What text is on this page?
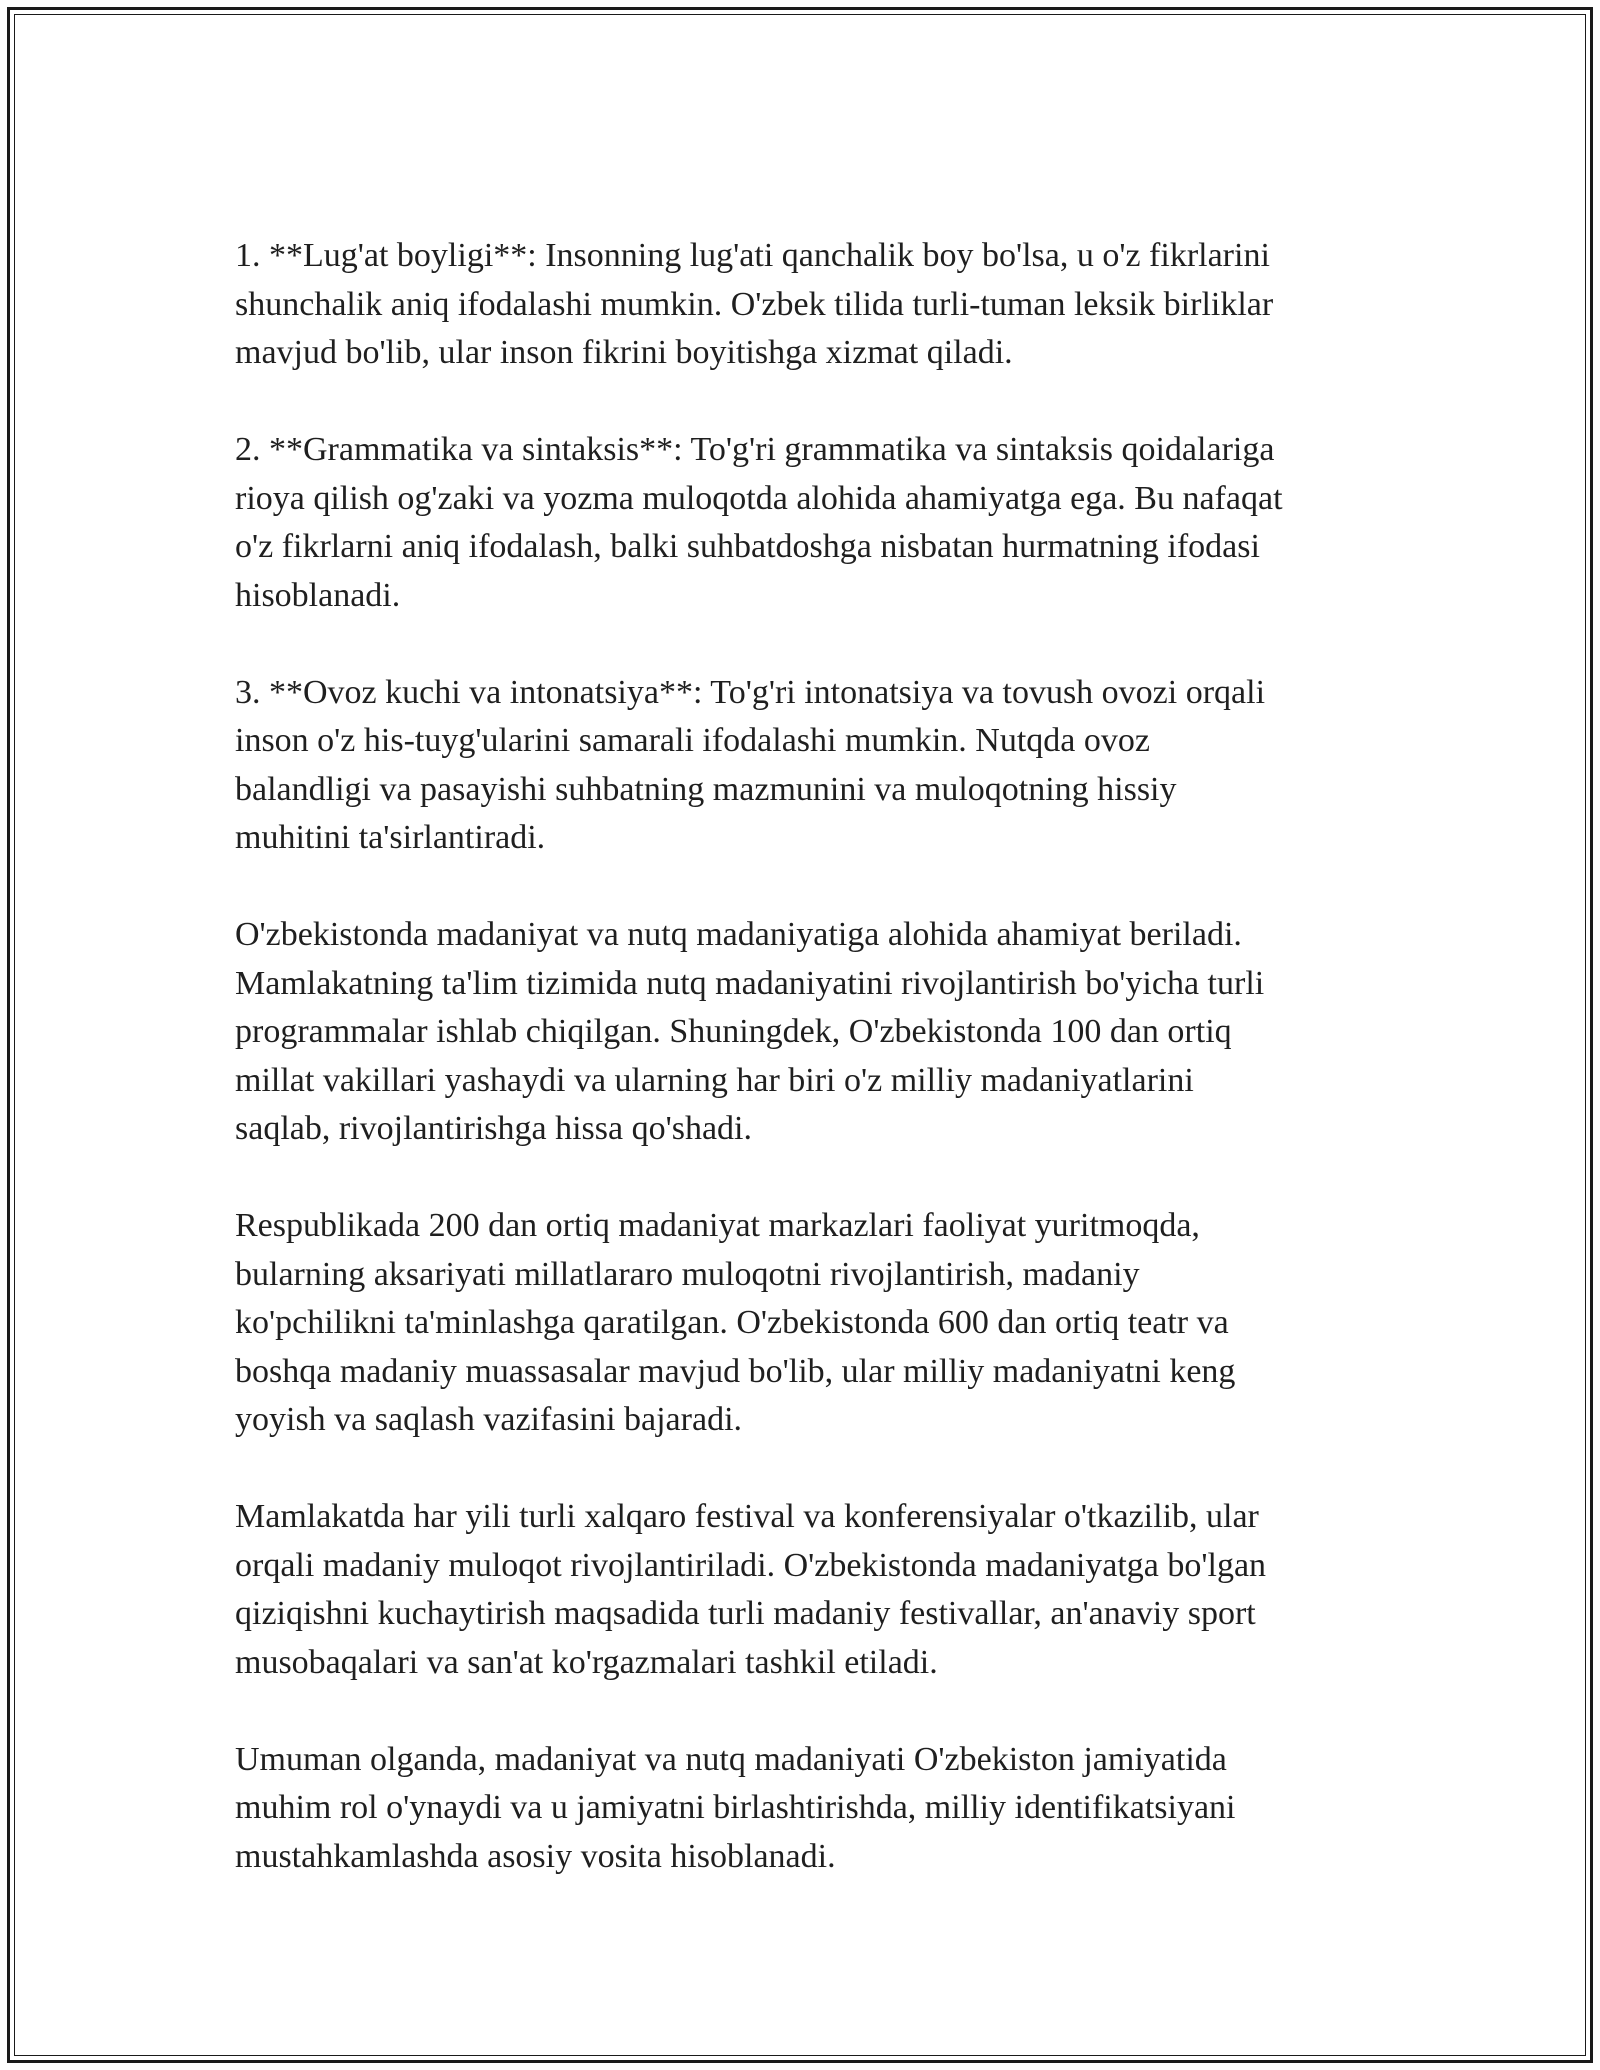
1. **Lug'at boyligi**: Insonning lug'ati qanchalik boy bo'lsa, u o'z fikrlarini
shunchalik aniq ifodalashi mumkin. O'zbek tilida turli-tuman leksik birliklar
mavjud bo'lib, ular inson fikrini boyitishga xizmat qiladi.

2. **Grammatika va sintaksis**: To'g'ri grammatika va sintaksis qoidalariga
rioya qilish og'zaki va yozma muloqotda alohida ahamiyatga ega. Bu nafaqat
o'z fikrlarni aniq ifodalash, balki suhbatdoshga nisbatan hurmatning ifodasi
hisoblanadi.

3. **Ovoz kuchi va intonatsiya**: To'g'ri intonatsiya va tovush ovozi orqali
inson o'z his-tuyg'ularini samarali ifodalashi mumkin. Nutqda ovoz
balandligi va pasayishi suhbatning mazmunini va muloqotning hissiy
muhitini ta'sirlantiradi.

O'zbekistonda madaniyat va nutq madaniyatiga alohida ahamiyat beriladi.
Mamlakatning ta'lim tizimida nutq madaniyatini rivojlantirish bo'yicha turli
programmalar ishlab chiqilgan. Shuningdek, O'zbekistonda 100 dan ortiq
millat vakillari yashaydi va ularning har biri o'z milliy madaniyatlarini
saqlab, rivojlantirishga hissa qo'shadi.

Respublikada 200 dan ortiq madaniyat markazlari faoliyat yuritmoqda,
bularning aksariyati millatlararo muloqotni rivojlantirish, madaniy
ko'pchilikni ta'minlashga qaratilgan. O'zbekistonda 600 dan ortiq teatr va
boshqa madaniy muassasalar mavjud bo'lib, ular milliy madaniyatni keng
yoyish va saqlash vazifasini bajaradi.

Mamlakatda har yili turli xalqaro festival va konferensiyalar o'tkazilib, ular
orqali madaniy muloqot rivojlantiriladi. O'zbekistonda madaniyatga bo'lgan
qiziqishni kuchaytirish maqsadida turli madaniy festivallar, an'anaviy sport
musobaqalari va san'at ko'rgazmalari tashkil etiladi.

Umuman olganda, madaniyat va nutq madaniyati O'zbekiston jamiyatida
muhim rol o'ynaydi va u jamiyatni birlashtirishda, milliy identifikatsiyani
mustahkamlashda asosiy vosita hisoblanadi.
